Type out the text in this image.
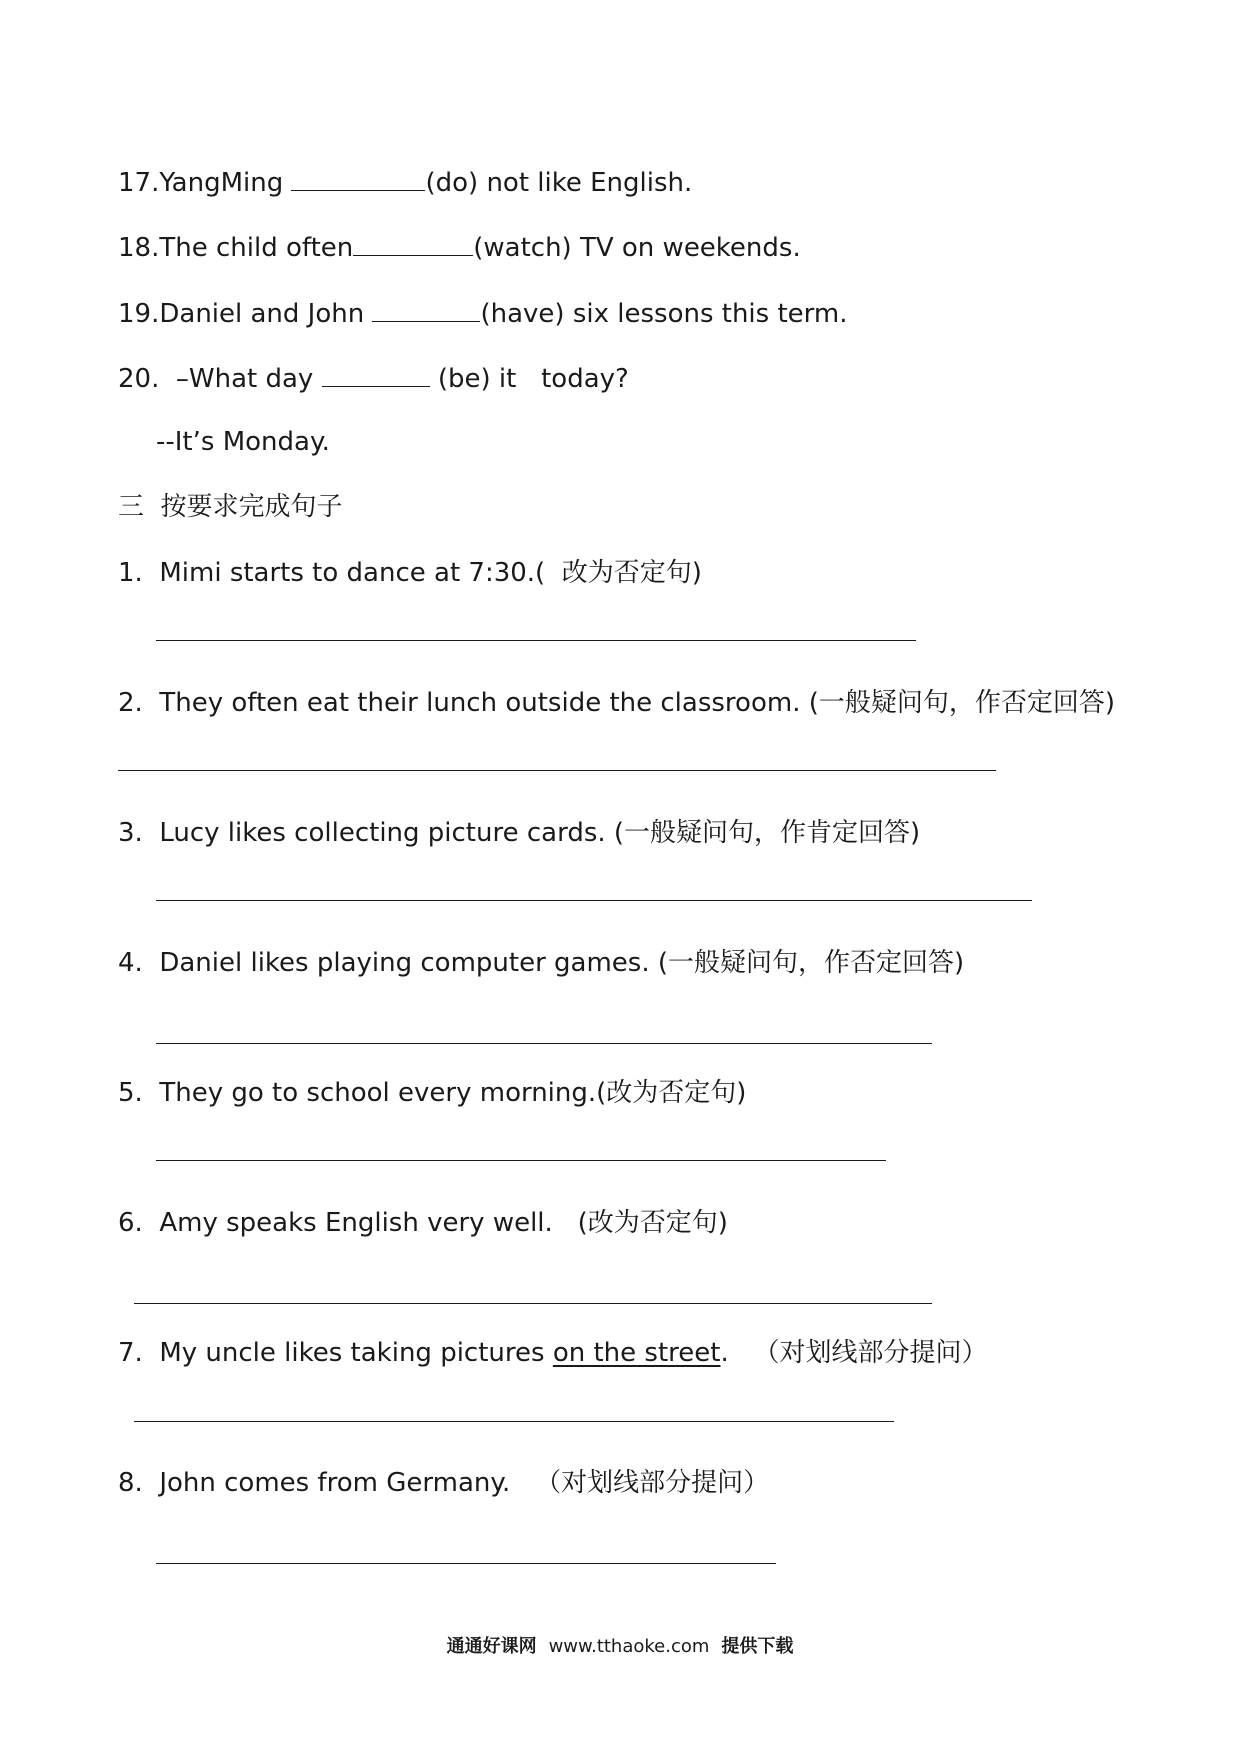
17.YangMing	(do) not like English.
18.The child often	(watch) TV on weekends.
19.Daniel and John	(have) six lessons this term.
20.  –What day	(be) it   today?
--It’s Monday.
三  按要求完成句子
1. Mimi starts to dance at 7:30.(  改为否定句)
2. They often eat their lunch outside the classroom. (一般疑问句，作否定回答)
3. Lucy likes collecting picture cards. (一般疑问句，作肯定回答)
4. Daniel likes playing computer games. (一般疑问句，作否定回答)
5. They go to school every morning.(改为否定句)
6. Amy speaks English very well.   (改为否定句)
7. My uncle likes taking pictures on the street.   （对划线部分提问）
8. John comes from Germany.   （对划线部分提问）
通通好课网 www.tthaoke.com 提供下载
